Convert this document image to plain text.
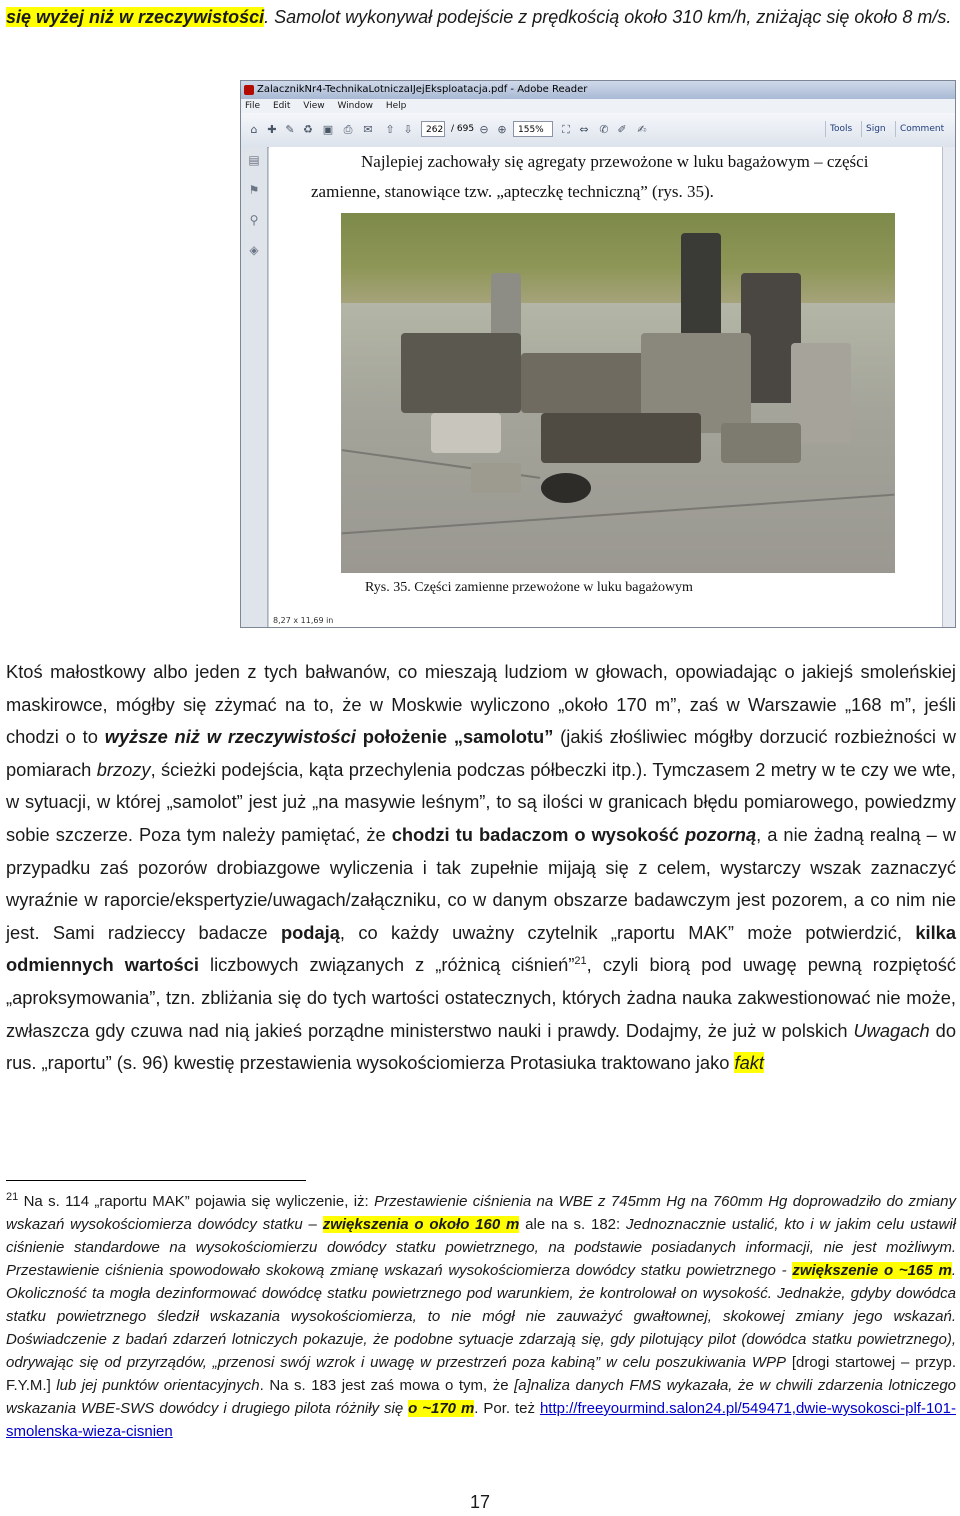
się wyżej niż w rzeczywistości. Samolot wykonywał podejście z prędkością około 310 km/h, zniżając się około 8 m/s.
ZalacznikNr4-TechnikaLotniczaIJejEksploatacja.pdf - Adobe Reader
File Edit View Window Help
⌂ ✚ ✎ ♻ ▣ ⎙ ✉ ⇧ ⇩	262 / 695 ⊖ ⊕	155%	⛶ ⇔ ✆ ✐ ✍	Tools	Sign	Comment
▤
⚑
⚲
◈
Najlepiej zachowały się agregaty przewożone w luku bagażowym – części
zamienne, stanowiące tzw. „apteczkę techniczną” (rys. 35).
Rys. 35. Części zamienne przewożone w luku bagażowym
8,27 x 11,69 in
Ktoś małostkowy albo jeden z tych bałwanów, co mieszają ludziom w głowach, opowiadając o jakiejś smoleńskiej maskirowce, mógłby się zżymać na to, że w Moskwie wyliczono „około 170 m”, zaś w Warszawie „168 m”, jeśli chodzi o to wyższe niż w rzeczywistości położenie „samolotu” (jakiś złośliwiec mógłby dorzucić rozbieżności w pomiarach brzozy, ścieżki podejścia, kąta przechylenia podczas półbeczki itp.). Tymczasem 2 metry w te czy we wte, w sytuacji, w której „samolot” jest już „na masywie leśnym”, to są ilości w granicach błędu pomiarowego, powiedzmy sobie szczerze. Poza tym należy pamiętać, że chodzi tu badaczom o wysokość pozorną, a nie żadną realną – w przypadku zaś pozorów drobiazgowe wyliczenia i tak zupełnie mijają się z celem, wystarczy wszak zaznaczyć wyraźnie w raporcie/ekspertyzie/uwagach/załączniku, co w danym obszarze badawczym jest pozorem, a co nim nie jest. Sami radzieccy badacze podają, co każdy uważny czytelnik „raportu MAK” może potwierdzić, kilka odmiennych wartości liczbowych związanych z „różnicą ciśnień”$^{21}$, czyli biorą pod uwagę pewną rozpiętość „aproksymowania”, tzn. zbliżania się do tych wartości ostatecznych, których żadna nauka zakwestionować nie może, zwłaszcza gdy czuwa nad nią jakieś porządne ministerstwo nauki i prawdy. Dodajmy, że już w polskich Uwagach do rus. „raportu” (s. 96) kwestię przestawienia wysokościomierza Protasiuka traktowano jako fakt
$^{21}$ Na s. 114 „raportu MAK” pojawia się wyliczenie, iż: Przestawienie ciśnienia na WBE z 745mm Hg na 760mm Hg doprowadziło do zmiany wskazań wysokościomierza dowódcy statku – zwiększenia o około 160 m ale na s. 182: Jednoznacznie ustalić, kto i w jakim celu ustawił ciśnienie standardowe na wysokościomierzu dowódcy statku powietrznego, na podstawie posiadanych informacji, nie jest możliwym. Przestawienie ciśnienia spowodowało skokową zmianę wskazań wysokościomierza dowódcy statku powietrznego - zwiększenie o ~165 m. Okoliczność ta mogła dezinformować dowódcę statku powietrznego pod warunkiem, że kontrolował on wysokość. Jednakże, gdyby dowódca statku powietrznego śledził wskazania wysokościomierza, to nie mógł nie zauważyć gwałtownej, skokowej zmiany jego wskazań. Doświadczenie z badań zdarzeń lotniczych pokazuje, że podobne sytuacje zdarzają się, gdy pilotujący pilot (dowódca statku powietrznego), odrywając się od przyrządów, „przenosi swój wzrok i uwagę w przestrzeń poza kabiną” w celu poszukiwania WPP [drogi startowej – przyp. F.Y.M.] lub jej punktów orientacyjnych. Na s. 183 jest zaś mowa o tym, że [a]naliza danych FMS wykazała, że w chwili zdarzenia lotniczego wskazania WBE-SWS dowódcy i drugiego pilota różniły się o ~170 m. Por. też http://freeyourmind.salon24.pl/549471,dwie-wysokosci-plf-101-smolenska-wieza-cisnien
17
